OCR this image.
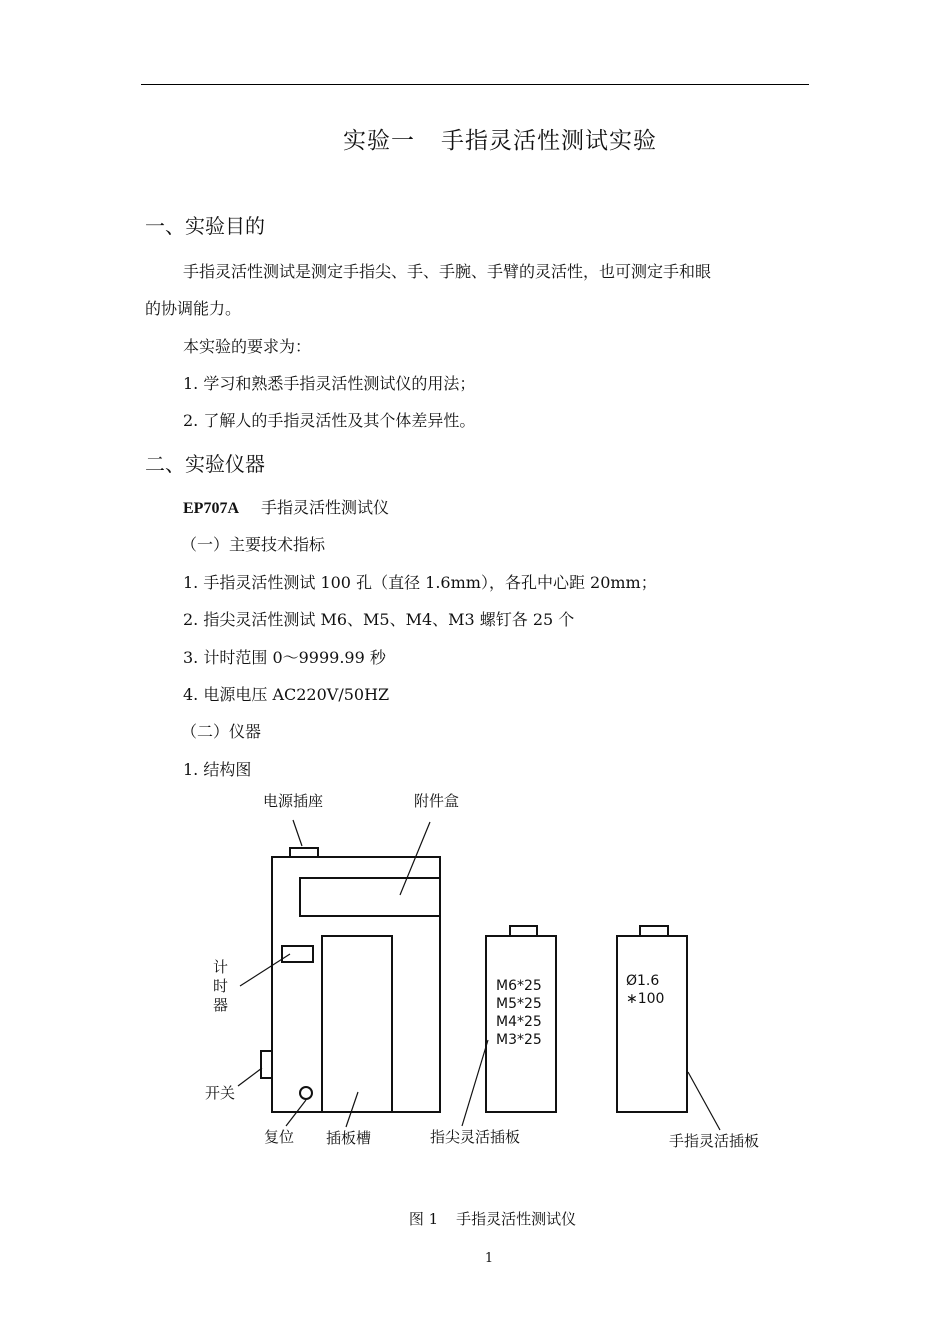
实验一 手指灵活性测试实验
一、实验目的
手指灵活性测试是测定手指尖、手、手腕、手臂的灵活性，也可测定手和眼
的协调能力。
本实验的要求为：
1. 学习和熟悉手指灵活性测试仪的用法；
2. 了解人的手指灵活性及其个体差异性。
二、实验仪器
EP707A 手指灵活性测试仪
（一）主要技术指标
1. 手指灵活性测试 100 孔（直径 1.6mm），各孔中心距 20mm；
2. 指尖灵活性测试 M6、M5、M4、M3 螺钉各 25 个
3. 计时范围 0～9999.99 秒
4. 电源电压 AC220V/50HZ
（二）仪器
1. 结构图
电源插座	附件盒
计
时
器
开关
复位 插板槽	指尖灵活插板	手指灵活插板
M6*25
M5*25
M4*25
M3*25
Ø1.6
∗100
图 1 手指灵活性测试仪
1
